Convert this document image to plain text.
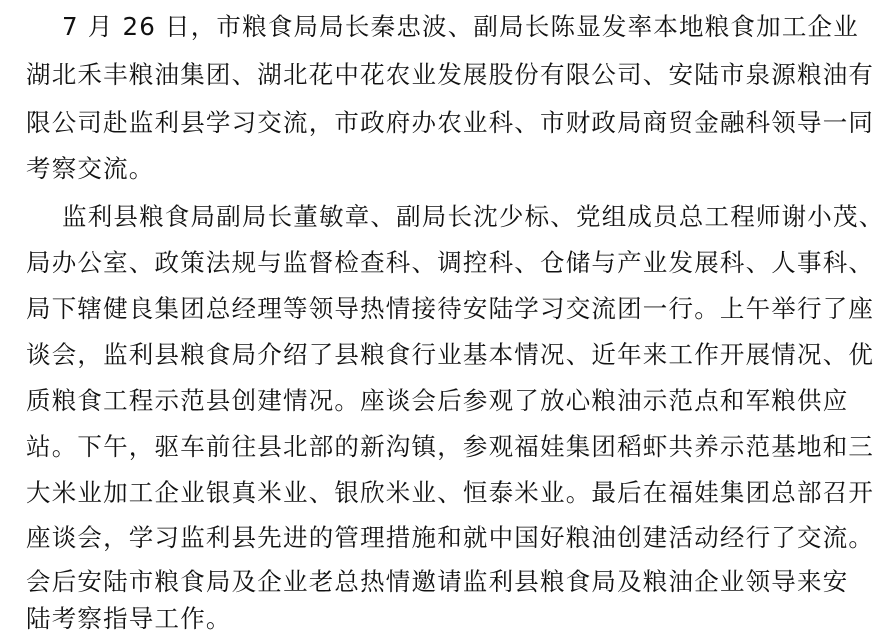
7 月 26 日，市粮食局局长秦忠波、副局长陈显发率本地粮食加工企业
湖北禾丰粮油集团、湖北花中花农业发展股份有限公司、安陆市泉源粮油有
限公司赴监利县学习交流，市政府办农业科、市财政局商贸金融科领导一同
考察交流。
监利县粮食局副局长董敏章、副局长沈少标、党组成员总工程师谢小茂、
局办公室、政策法规与监督检查科、调控科、仓储与产业发展科、人事科、
局下辖健良集团总经理等领导热情接待安陆学习交流团一行。上午举行了座
谈会，监利县粮食局介绍了县粮食行业基本情况、近年来工作开展情况、优
质粮食工程示范县创建情况。座谈会后参观了放心粮油示范点和军粮供应
站。下午，驱车前往县北部的新沟镇，参观福娃集团稻虾共养示范基地和三
大米业加工企业银真米业、银欣米业、恒泰米业。最后在福娃集团总部召开
座谈会，学习监利县先进的管理措施和就中国好粮油创建活动经行了交流。
会后安陆市粮食局及企业老总热情邀请监利县粮食局及粮油企业领导来安
陆考察指导工作。
